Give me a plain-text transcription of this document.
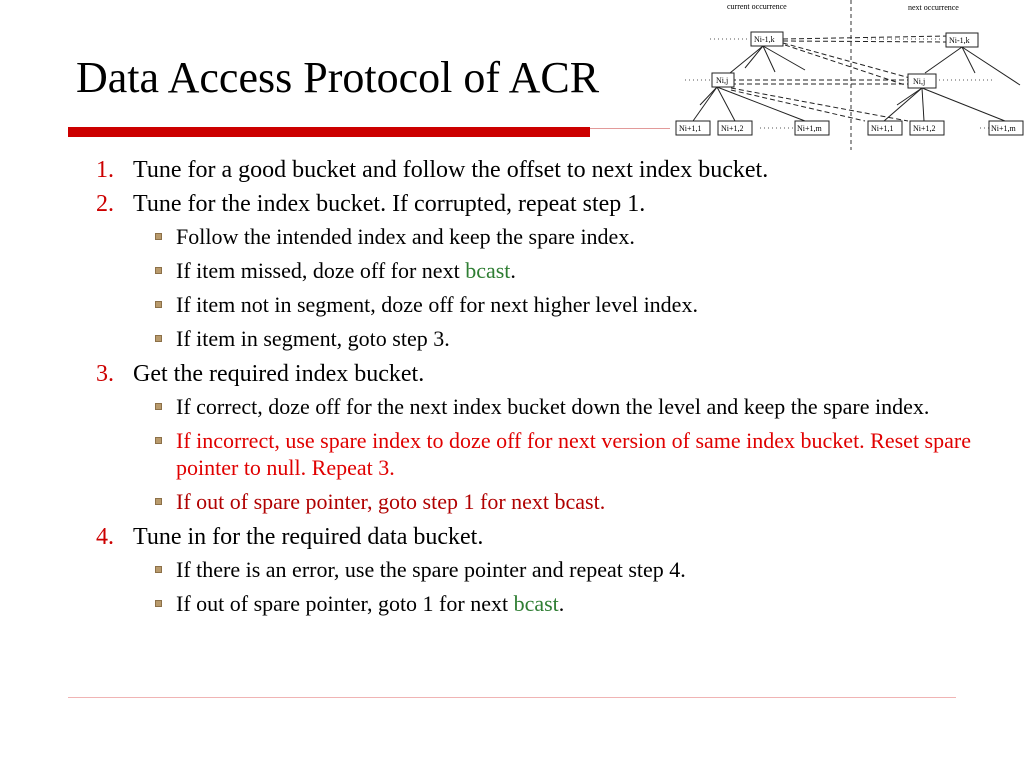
Data Access Protocol of ACR
current occurrence	next occurrence
Ni-1,k
Ni,j
Ni+1,1 Ni+1,2	Ni+1,m
Ni-1,k
Ni,j
Ni+1,1 Ni+1,2	Ni+1,m
1. Tune for a good bucket and follow the offset to next index bucket.
2. Tune for the index bucket. If corrupted, repeat step 1.
Follow the intended index and keep the spare index.
If item missed, doze off for next bcast.
If item not in segment, doze off for next higher level index.
If item in segment, goto step 3.
3. Get the required index bucket.
If correct, doze off for the next index bucket down the level and keep the spare index.
If incorrect, use spare index to doze off for next version of same index bucket. Reset spare pointer to null. Repeat 3.
If out of spare pointer, goto step 1 for next bcast.
4. Tune in for the required data bucket.
If there is an error, use the spare pointer and repeat step 4.
If out of spare pointer, goto 1 for next bcast.
